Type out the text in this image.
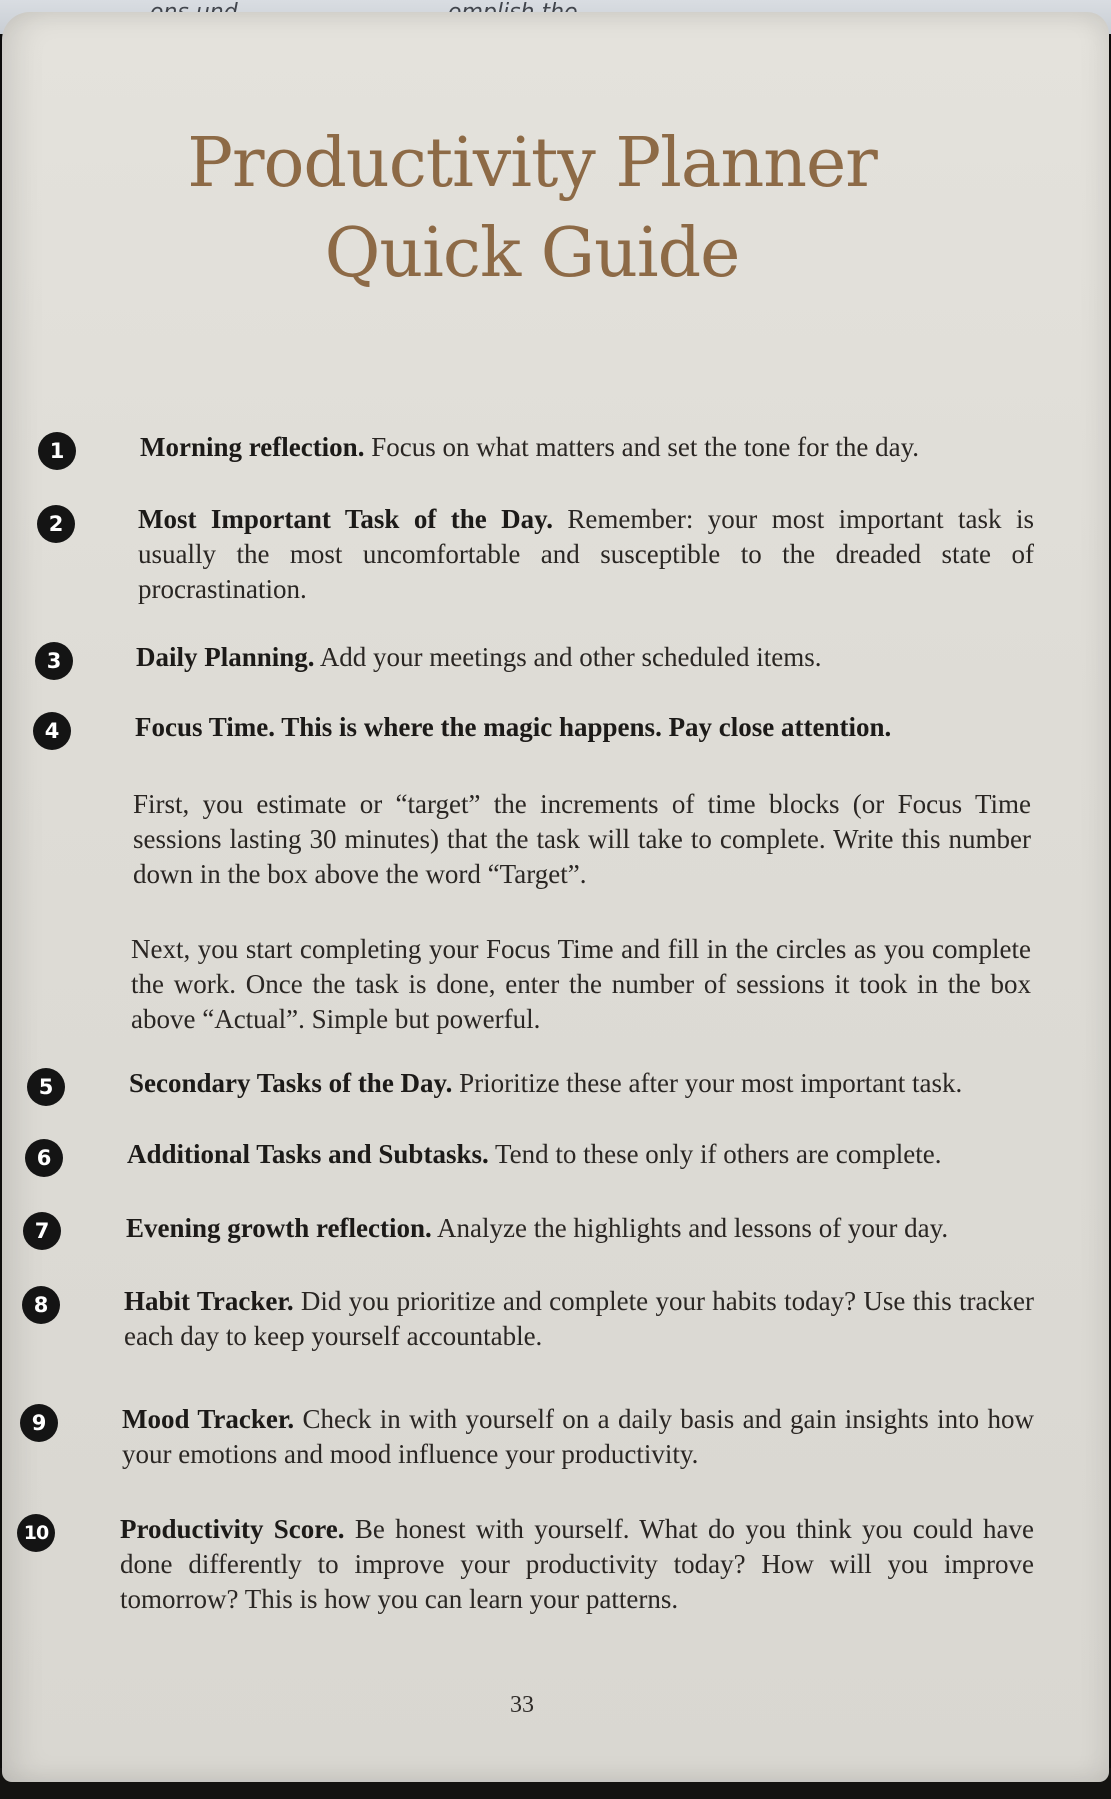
Productivity Planner
Quick Guide
1	Morning reflection. Focus on what matters and set the tone for the day.

2	Most Important Task of the Day. Remember: your most important task is usually the most uncomfortable and susceptible to the dreaded state of procrastination.

3	Daily Planning. Add your meetings and other scheduled items.

4	Focus Time. This is where the magic happens. Pay close attention.

First, you estimate or “target” the increments of time blocks (or Focus Time sessions lasting 30 minutes) that the task will take to complete. Write this number down in the box above the word “Target”.

Next, you start completing your Focus Time and fill in the circles as you complete the work. Once the task is done, enter the number of sessions it took in the box above “Actual”. Simple but powerful.

5	Secondary Tasks of the Day. Prioritize these after your most important task.

6	Additional Tasks and Subtasks. Tend to these only if others are complete.

7	Evening growth reflection. Analyze the highlights and lessons of your day.

8	Habit Tracker. Did you prioritize and complete your habits today? Use this tracker each day to keep yourself accountable.

9	Mood Tracker. Check in with yourself on a daily basis and gain insights into how your emotions and mood influence your productivity.

10	Productivity Score. Be honest with yourself. What do you think you could have done differently to improve your productivity today? How will you improve tomorrow? This is how you can learn your patterns.

33
